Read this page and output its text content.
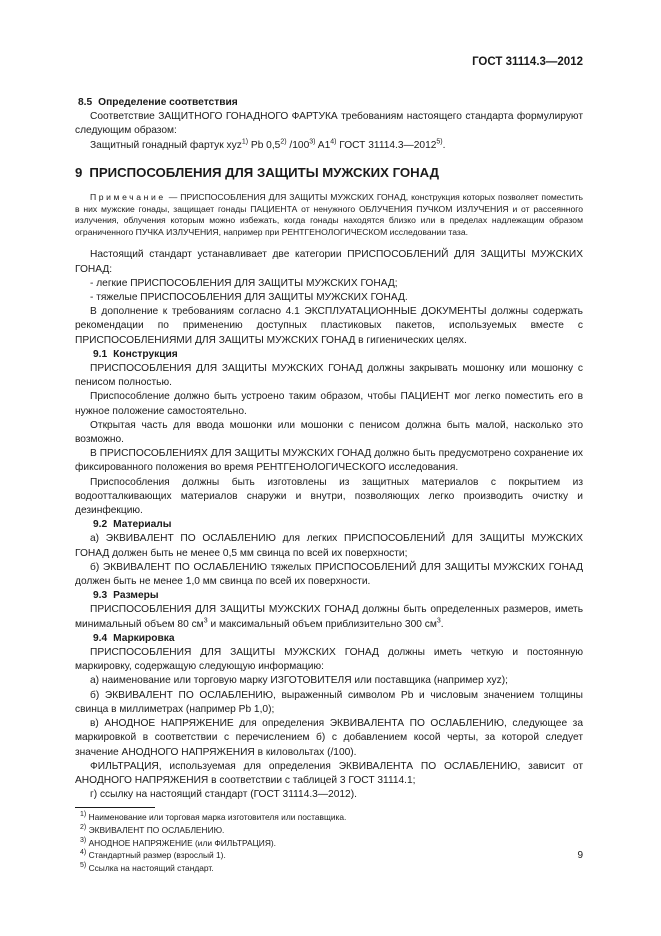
ГОСТ 31114.3—2012

8.5 Определение соответствия

Соответствие ЗАЩИТНОГО ГОНАДНОГО ФАРТУКА требованиям настоящего стандарта формулируют следующим образом:

Защитный гонадный фартук xyz$^{1)}$ Pb 0,5$^{2)}$ /100$^{3)}$ A1$^{4)}$ ГОСТ 31114.3—2012$^{5)}$.

9 ПРИСПОСОБЛЕНИЯ ДЛЯ ЗАЩИТЫ МУЖСКИХ ГОНАД

Примечание — ПРИСПОСОБЛЕНИЯ ДЛЯ ЗАЩИТЫ МУЖСКИХ ГОНАД, конструкция которых позволяет поместить в них мужские гонады, защищает гонады ПАЦИЕНТА от ненужного ОБЛУЧЕНИЯ ПУЧКОМ ИЗЛУЧЕНИЯ и от рассеянного излучения, облучения которым можно избежать, когда гонады находятся близко или в пределах надлежащим образом ограниченного ПУЧКА ИЗЛУЧЕНИЯ, например при РЕНТГЕНОЛОГИЧЕСКОМ исследовании таза.

Настоящий стандарт устанавливает две категории ПРИСПОСОБЛЕНИЙ ДЛЯ ЗАЩИТЫ МУЖСКИХ ГОНАД:

- легкие ПРИСПОСОБЛЕНИЯ ДЛЯ ЗАЩИТЫ МУЖСКИХ ГОНАД;

- тяжелые ПРИСПОСОБЛЕНИЯ ДЛЯ ЗАЩИТЫ МУЖСКИХ ГОНАД.

В дополнение к требованиям согласно 4.1 ЭКСПЛУАТАЦИОННЫЕ ДОКУМЕНТЫ должны содержать рекомендации по применению доступных пластиковых пакетов, используемых вместе с ПРИСПОСОБЛЕНИЯМИ ДЛЯ ЗАЩИТЫ МУЖСКИХ ГОНАД в гигиенических целях.

9.1 Конструкция

ПРИСПОСОБЛЕНИЯ ДЛЯ ЗАЩИТЫ МУЖСКИХ ГОНАД должны закрывать мошонку или мошонку с пенисом полностью.

Приспособление должно быть устроено таким образом, чтобы ПАЦИЕНТ мог легко поместить его в нужное положение самостоятельно.

Открытая часть для ввода мошонки или мошонки с пенисом должна быть малой, насколько это возможно.

В ПРИСПОСОБЛЕНИЯХ ДЛЯ ЗАЩИТЫ МУЖСКИХ ГОНАД должно быть предусмотрено сохранение их фиксированного положения во время РЕНТГЕНОЛОГИЧЕСКОГО исследования.

Приспособления должны быть изготовлены из защитных материалов с покрытием из водоотталкивающих материалов снаружи и внутри, позволяющих легко производить очистку и дезинфекцию.

9.2 Материалы

а) ЭКВИВАЛЕНТ ПО ОСЛАБЛЕНИЮ для легких ПРИСПОСОБЛЕНИЙ ДЛЯ ЗАЩИТЫ МУЖСКИХ ГОНАД должен быть не менее 0,5 мм свинца по всей их поверхности;

б) ЭКВИВАЛЕНТ ПО ОСЛАБЛЕНИЮ тяжелых ПРИСПОСОБЛЕНИЙ ДЛЯ ЗАЩИТЫ МУЖСКИХ ГОНАД должен быть не менее 1,0 мм свинца по всей их поверхности.

9.3 Размеры

ПРИСПОСОБЛЕНИЯ ДЛЯ ЗАЩИТЫ МУЖСКИХ ГОНАД должны быть определенных размеров, иметь минимальный объем 80 $см^3$ и максимальный объем приблизительно 300 $см^3$.

9.4 Маркировка

ПРИСПОСОБЛЕНИЯ ДЛЯ ЗАЩИТЫ МУЖСКИХ ГОНАД должны иметь четкую и постоянную маркировку, содержащую следующую информацию:

а) наименование или торговую марку ИЗГОТОВИТЕЛЯ или поставщика (например xyz);

б) ЭКВИВАЛЕНТ ПО ОСЛАБЛЕНИЮ, выраженный символом Pb и числовым значением толщины свинца в миллиметрах (например Pb 1,0);

в) АНОДНОЕ НАПРЯЖЕНИЕ для определения ЭКВИВАЛЕНТА ПО ОСЛАБЛЕНИЮ, следующее за маркировкой в соответствии с перечислением б) с добавлением косой черты, за которой следует значение АНОДНОГО НАПРЯЖЕНИЯ в киловольтах (/100).

ФИЛЬТРАЦИЯ, используемая для определения ЭКВИВАЛЕНТА ПО ОСЛАБЛЕНИЮ, зависит от АНОДНОГО НАПРЯЖЕНИЯ в соответствии с таблицей 3 ГОСТ 31114.1;

г) ссылку на настоящий стандарт (ГОСТ 31114.3—2012).

$^{1)}$ Наименование или торговая марка изготовителя или поставщика.
$^{2)}$ ЭКВИВАЛЕНТ ПО ОСЛАБЛЕНИЮ.
$^{3)}$ АНОДНОЕ НАПРЯЖЕНИЕ (или ФИЛЬТРАЦИЯ).
$^{4)}$ Стандартный размер (взрослый 1).
$^{5)}$ Ссылка на настоящий стандарт.
9
